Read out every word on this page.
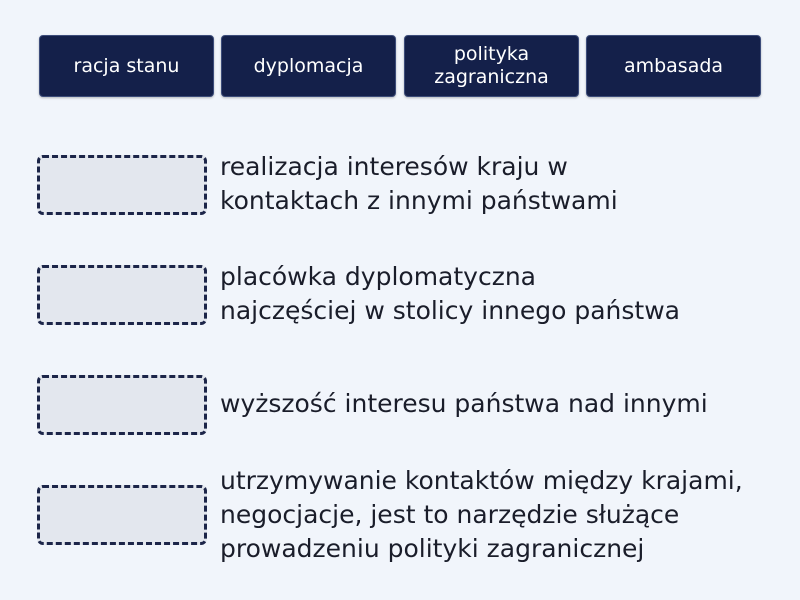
racja stanu	dyplomacja
polityka
zagraniczna
ambasada
realizacja interesów kraju w
kontaktach z innymi państwami
placówka dyplomatyczna
najczęściej w stolicy innego państwa
wyższość interesu państwa nad innymi
utrzymywanie kontaktów między krajami,
negocjacje, jest to narzędzie służące
prowadzeniu polityki zagranicznej
